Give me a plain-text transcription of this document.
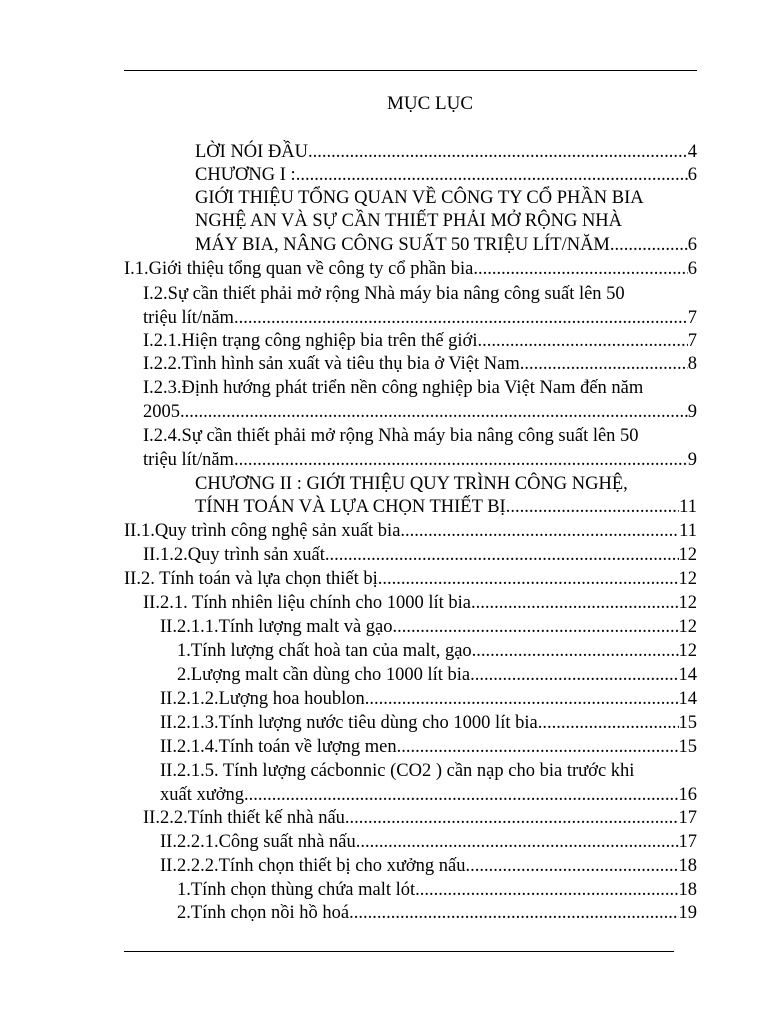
MỤC LỤC
LỜI NÓI ĐẦU .....	4
CHƯƠNG I : .....	6
GIỚI THIỆU TỔNG QUAN VỀ CÔNG TY CỔ PHẦN BIA
NGHỆ AN VÀ SỰ CẦN THIẾT PHẢI MỞ RỘNG NHÀ
MÁY BIA, NÂNG CÔNG SUẤT 50 TRIỆU LÍT/NĂM .....	6
I.1.Giới thiệu tổng quan về công ty cổ phần bia .....	6
I.2.Sự cần thiết phải mở rộng Nhà máy bia nâng công suất lên 50
triệu lít/năm .....	7
I.2.1.Hiện trạng công nghiệp bia trên thế giới .....	7
I.2.2.Tình hình sản xuất và tiêu thụ bia ở Việt Nam .....	8
I.2.3.Định hướng phát triển nền công nghiệp bia Việt Nam đến năm
2005 .....	9
I.2.4.Sự cần thiết phải mở rộng Nhà máy bia nâng công suất lên 50
triệu lít/năm .....	9
CHƯƠNG II : GIỚI THIỆU QUY TRÌNH CÔNG NGHỆ,
TÍNH TOÁN VÀ LỰA CHỌN THIẾT BỊ .....	11
II.1.Quy trình công nghệ sản xuất bia .....	11
II.1.2.Quy trình sản xuất .....	12
II.2. Tính toán và lựa chọn thiết bị .....	12
II.2.1. Tính nhiên liệu chính cho 1000 lít bia .....	12
II.2.1.1.Tính lượng malt và gạo .....	12
1.Tính lượng chất hoà tan của malt, gạo .....	12
2.Lượng malt cần dùng cho 1000 lít bia .....	14
II.2.1.2.Lượng hoa houblon .....	14
II.2.1.3.Tính lượng nước tiêu dùng cho 1000 lít bia .....	15
II.2.1.4.Tính toán về lượng men .....	15
II.2.1.5. Tính lượng cácbonnic (CO2 ) cần nạp cho bia trước khi
xuất xưởng .....	16
II.2.2.Tính thiết kế nhà nấu .....	17
II.2.2.1.Công suất nhà nấu .....	17
II.2.2.2.Tính chọn thiết bị cho xưởng nấu .....	18
1.Tính chọn thùng chứa malt lót .....	18
2.Tính chọn nồi hồ hoá .....	19
